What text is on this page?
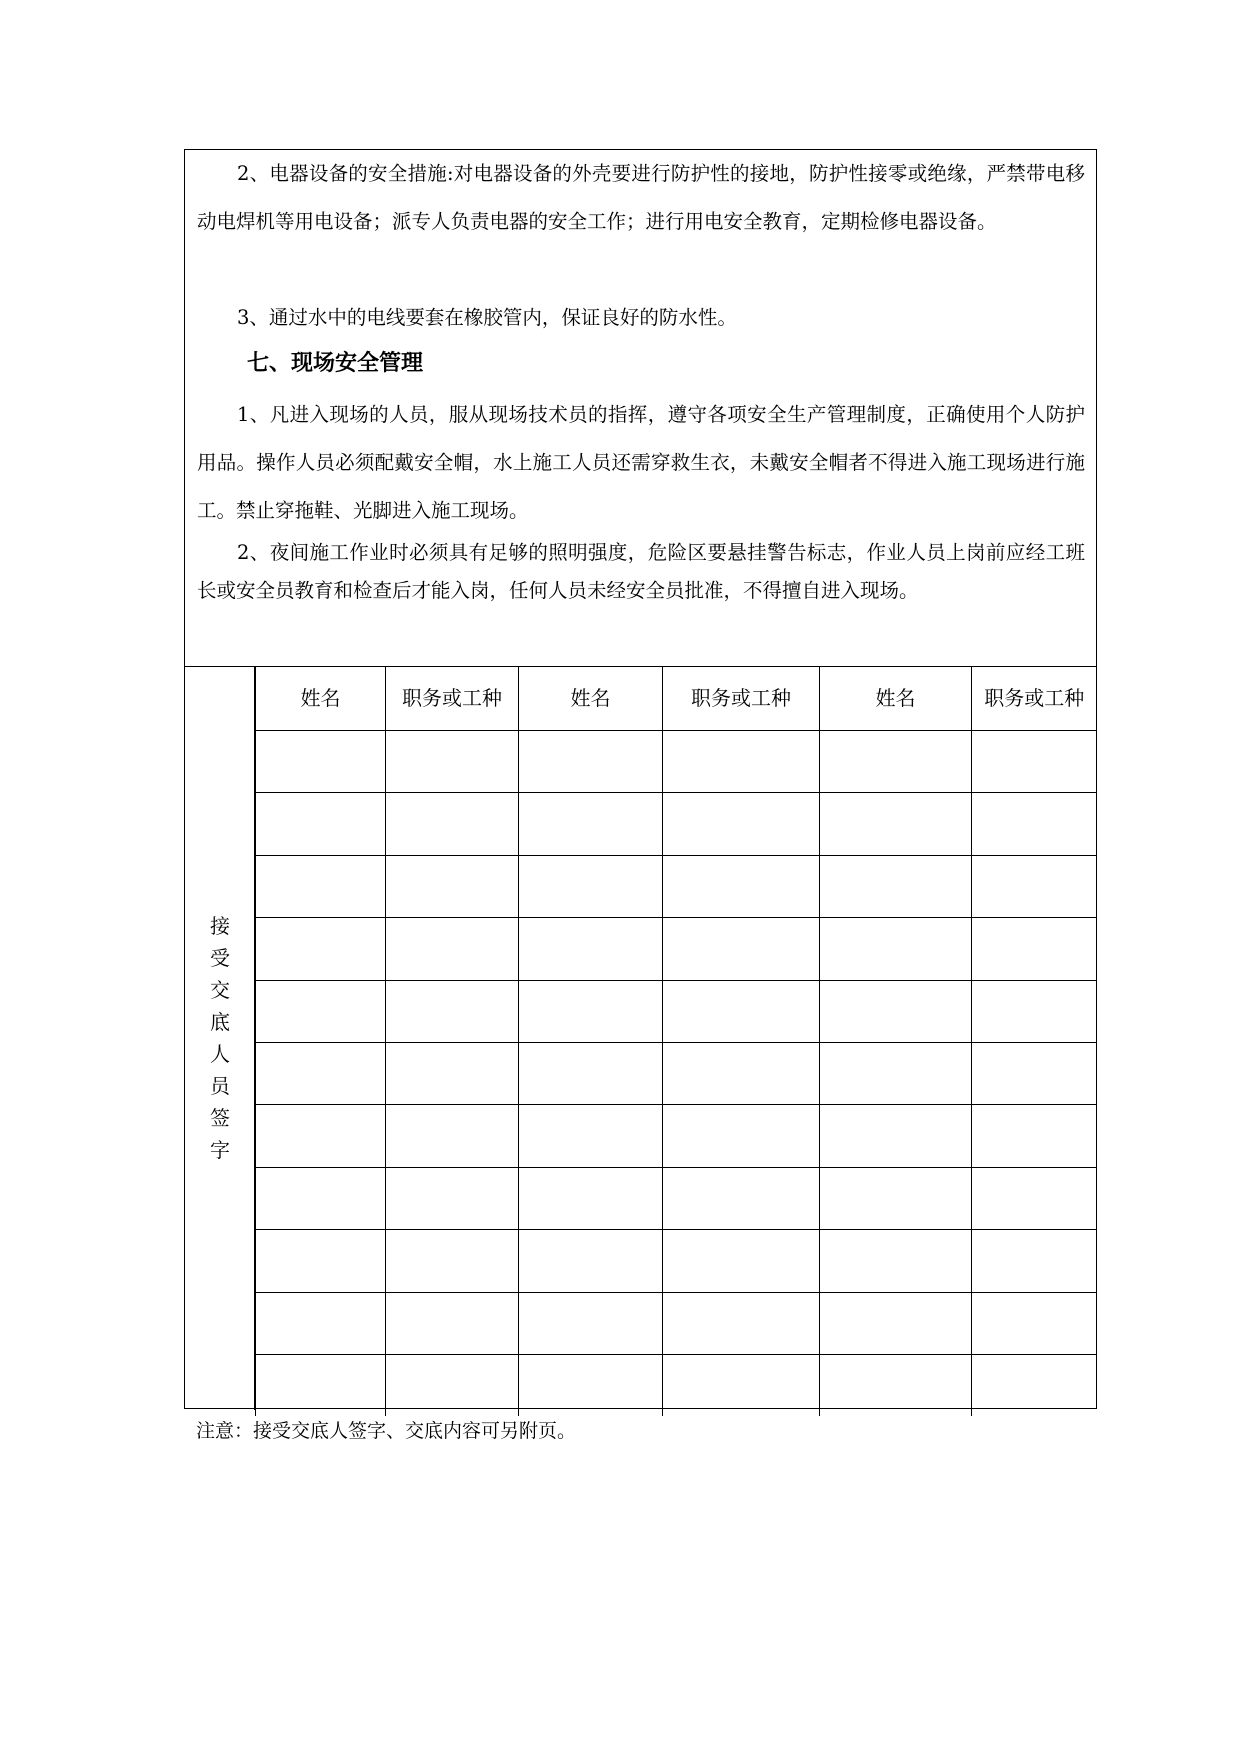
2、电器设备的安全措施:对电器设备的外壳要进行防护性的接地，防护性接零或绝缘，严禁带电移动电焊机等用电设备；派专人负责电器的安全工作；进行用电安全教育，定期检修电器设备。

3、通过水中的电线要套在橡胶管内，保证良好的防水性。

七、现场安全管理

1、凡进入现场的人员，服从现场技术员的指挥，遵守各项安全生产管理制度，正确使用个人防护用品。操作人员必须配戴安全帽，水上施工人员还需穿救生衣，未戴安全帽者不得进入施工现场进行施工。禁止穿拖鞋、光脚进入施工现场。

2、夜间施工作业时必须具有足够的照明强度，危险区要悬挂警告标志，作业人员上岗前应经工班长或安全员教育和检查后才能入岗，任何人员未经安全员批准，不得擅自进入现场。

接
受
交
底
人
员
签
字
姓名	职务或工种	姓名	职务或工种	姓名	职务或工种

注意：接受交底人签字、交底内容可另附页。
